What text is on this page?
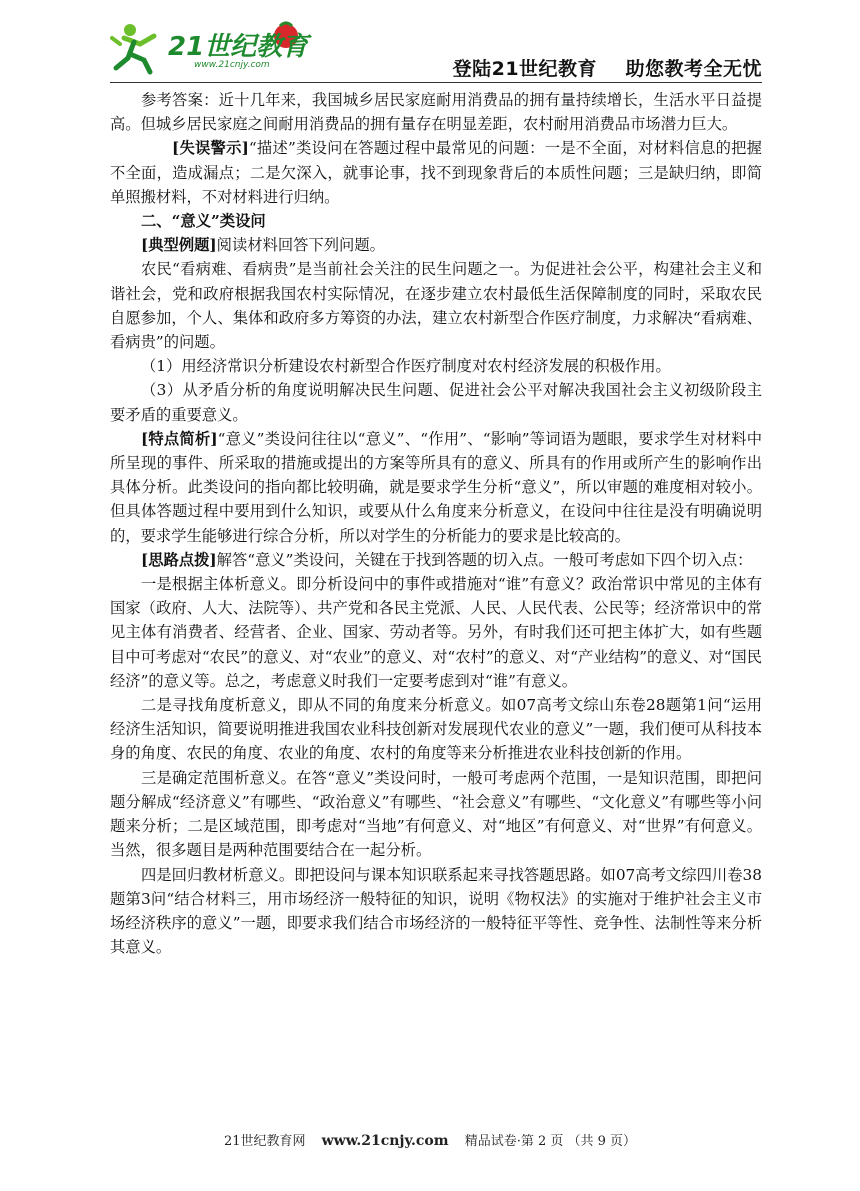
21世纪教育
www.21cnjy.com	登陆21世纪教育    助您教考全无忧

参考答案：近十几年来，我国城乡居民家庭耐用消费品的拥有量持续增长，生活水平日益提高。但城乡居民家庭之间耐用消费品的拥有量存在明显差距，农村耐用消费品市场潜力巨大。

[失误警示]“描述”类设问在答题过程中最常见的问题：一是不全面，对材料信息的把握不全面，造成漏点；二是欠深入，就事论事，找不到现象背后的本质性问题；三是缺归纳，即简单照搬材料，不对材料进行归纳。

二、“意义”类设问

[典型例题]阅读材料回答下列问题。

农民“看病难、看病贵”是当前社会关注的民生问题之一。为促进社会公平，构建社会主义和谐社会，党和政府根据我国农村实际情况，在逐步建立农村最低生活保障制度的同时，采取农民自愿参加，个人、集体和政府多方筹资的办法，建立农村新型合作医疗制度，力求解决“看病难、看病贵”的问题。

（1）用经济常识分析建设农村新型合作医疗制度对农村经济发展的积极作用。

（3）从矛盾分析的角度说明解决民生问题、促进社会公平对解决我国社会主义初级阶段主要矛盾的重要意义。

[特点简析]“意义”类设问往往以“意义”、“作用”、“影响”等词语为题眼，要求学生对材料中所呈现的事件、所采取的措施或提出的方案等所具有的意义、所具有的作用或所产生的影响作出具体分析。此类设问的指向都比较明确，就是要求学生分析“意义”，所以审题的难度相对较小。但具体答题过程中要用到什么知识，或要从什么角度来分析意义，在设问中往往是没有明确说明的，要求学生能够进行综合分析，所以对学生的分析能力的要求是比较高的。

[思路点拨]解答“意义”类设问，关键在于找到答题的切入点。一般可考虑如下四个切入点：

一是根据主体析意义。即分析设问中的事件或措施对“谁”有意义？政治常识中常见的主体有国家（政府、人大、法院等）、共产党和各民主党派、人民、人民代表、公民等；经济常识中的常见主体有消费者、经营者、企业、国家、劳动者等。另外，有时我们还可把主体扩大，如有些题目中可考虑对“农民”的意义、对“农业”的意义、对“农村”的意义、对“产业结构”的意义、对“国民经济”的意义等。总之，考虑意义时我们一定要考虑到对“谁”有意义。

二是寻找角度析意义，即从不同的角度来分析意义。如07高考文综山东卷28题第1问“运用经济生活知识，简要说明推进我国农业科技创新对发展现代农业的意义”一题，我们便可从科技本身的角度、农民的角度、农业的角度、农村的角度等来分析推进农业科技创新的作用。

三是确定范围析意义。在答“意义”类设问时，一般可考虑两个范围，一是知识范围，即把问题分解成“经济意义”有哪些、“政治意义”有哪些、“社会意义”有哪些、“文化意义”有哪些等小问题来分析；二是区域范围，即考虑对“当地”有何意义、对“地区”有何意义、对“世界”有何意义。当然，很多题目是两种范围要结合在一起分析。

四是回归教材析意义。即把设问与课本知识联系起来寻找答题思路。如07高考文综四川卷38题第3问“结合材料三，用市场经济一般特征的知识，说明《物权法》的实施对于维护社会主义市场经济秩序的意义”一题，即要求我们结合市场经济的一般特征平等性、竞争性、法制性等来分析其意义。

21世纪教育网 www.21cnjy.com 精品试卷·第 2 页 （共 9 页）
